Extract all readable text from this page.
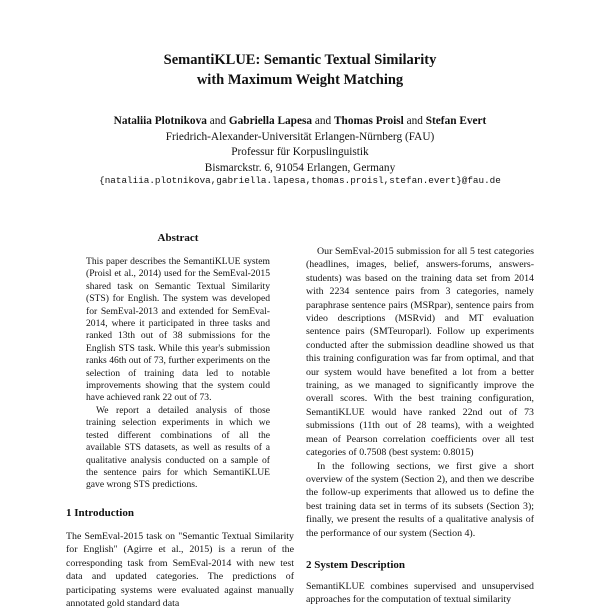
SemantiKLUE: Semantic Textual Similarity
with Maximum Weight Matching
Nataliia Plotnikova and Gabriella Lapesa and Thomas Proisl and Stefan Evert
Friedrich-Alexander-Universität Erlangen-Nürnberg (FAU)
Professur für Korpuslinguistik
Bismarckstr. 6, 91054 Erlangen, Germany
{nataliia.plotnikova,gabriella.lapesa,thomas.proisl,stefan.evert}@fau.de
Abstract

This paper describes the SemantiKLUE system (Proisl et al., 2014) used for the SemEval-2015 shared task on Semantic Textual Similarity (STS) for English. The system was developed for SemEval-2013 and extended for SemEval-2014, where it participated in three tasks and ranked 13th out of 38 submissions for the English STS task. While this year's submission ranks 46th out of 73, further experiments on the selection of training data led to notable improvements showing that the system could have achieved rank 22 out of 73.

We report a detailed analysis of those training selection experiments in which we tested different combinations of all the available STS datasets, as well as results of a qualitative analysis conducted on a sample of the sentence pairs for which SemantiKLUE gave wrong STS predictions.

1 Introduction

The SemEval-2015 task on "Semantic Textual Similarity for English" (Agirre et al., 2015) is a rerun of the corresponding task from SemEval-2014 with new test data and updated categories. The predictions of participating systems were evaluated against manually annotated gold standard data

Our SemEval-2015 submission for all 5 test categories (headlines, images, belief, answers-forums, answers-students) was based on the training data set from 2014 with 2234 sentence pairs from 3 categories, namely paraphrase sentence pairs (MSRpar), sentence pairs from video descriptions (MSRvid) and MT evaluation sentence pairs (SMTeuroparl). Follow up experiments conducted after the submission deadline showed us that this training configuration was far from optimal, and that our system would have benefited a lot from a better training, as we managed to significantly improve the overall scores. With the best training configuration, SemantiKLUE would have ranked 22nd out of 73 submissions (11th out of 28 teams), with a weighted mean of Pearson correlation coefficients over all test categories of 0.7508 (best system: 0.8015)

In the following sections, we first give a short overview of the system (Section 2), and then we describe the follow-up experiments that allowed us to define the best training data set in terms of its subsets (Section 3); finally, we present the results of a qualitative analysis of the performance of our system (Section 4).

2 System Description

SemantiKLUE combines supervised and unsupervised approaches for the computation of textual similarity
